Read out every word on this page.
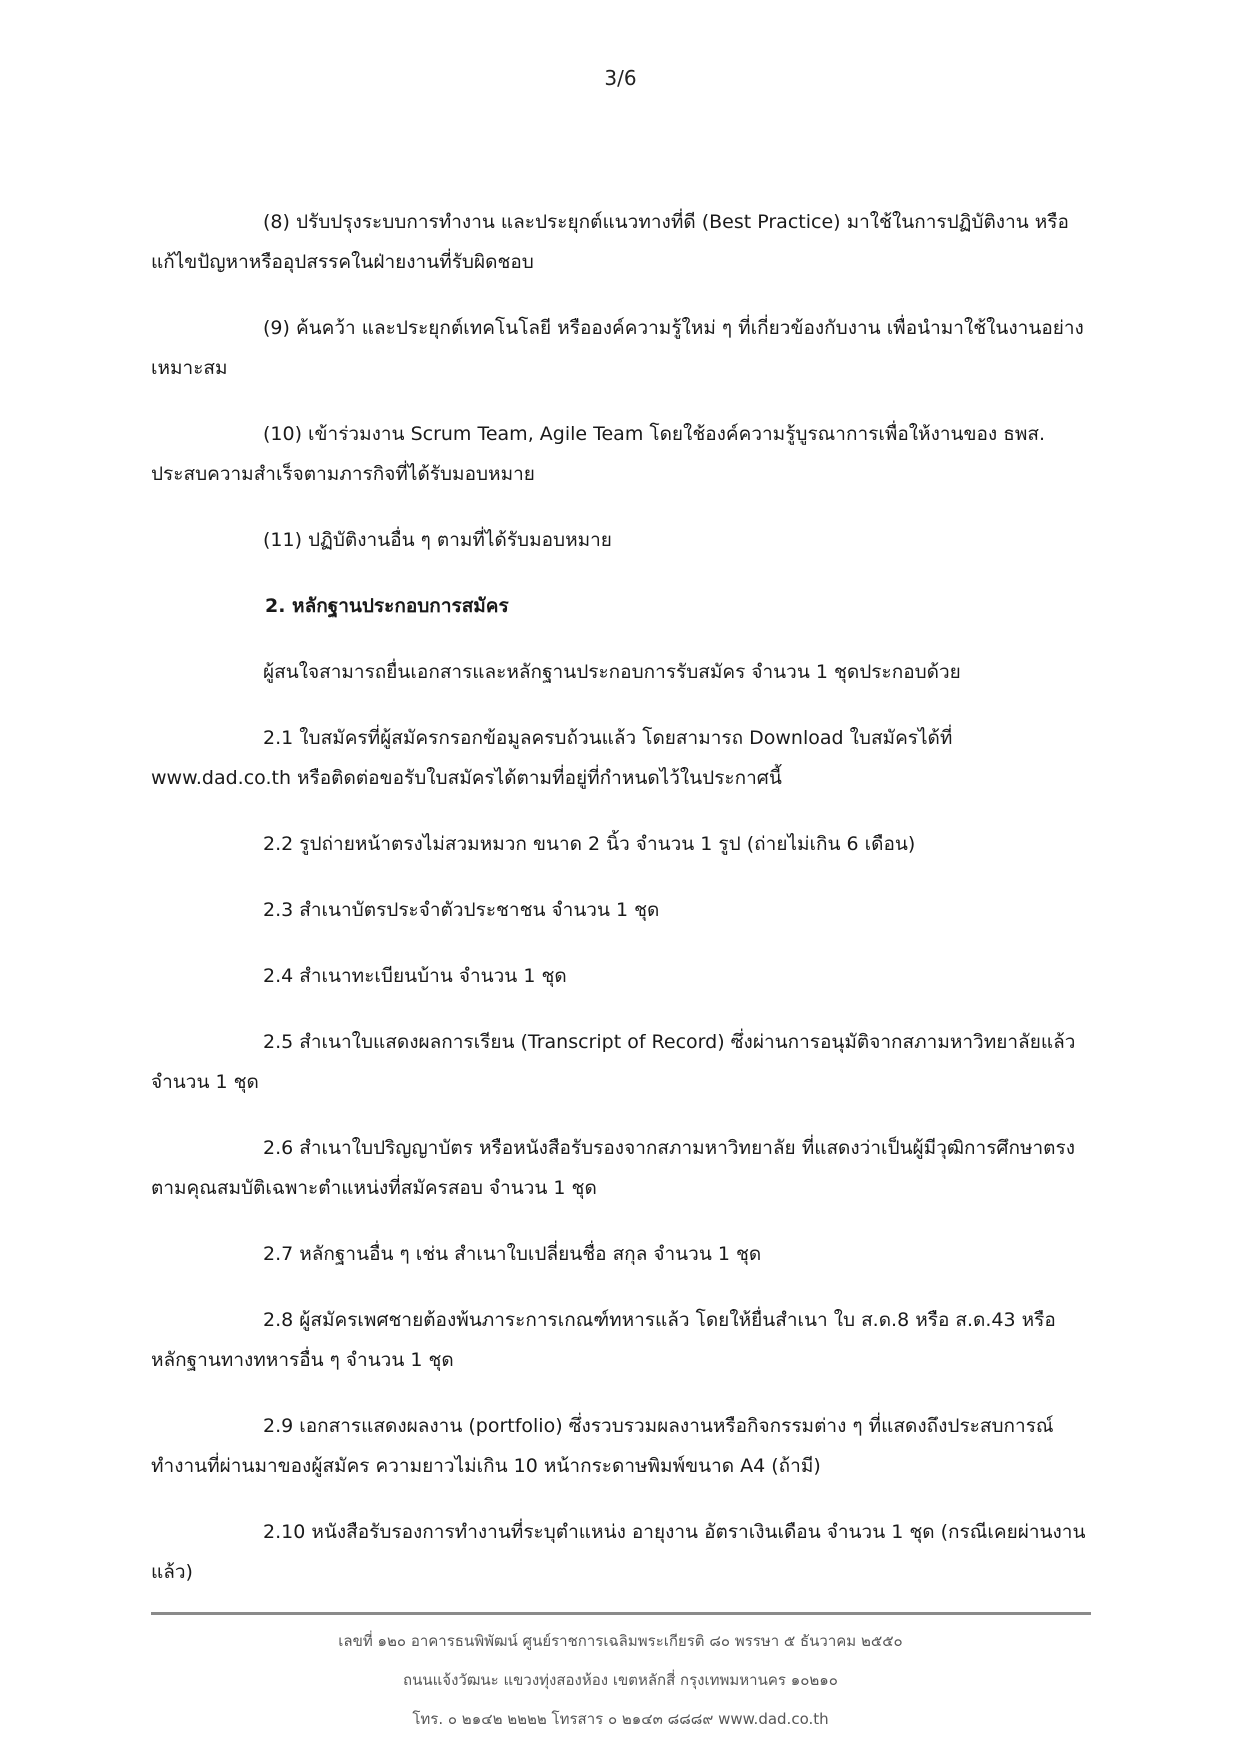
3/6

(8) ปรับปรุงระบบการทำงาน และประยุกต์แนวทางที่ดี (Best Practice) มาใช้ในการปฏิบัติงาน หรือแก้ไขปัญหาหรืออุปสรรคในฝ่ายงานที่รับผิดชอบ

(9) ค้นคว้า และประยุกต์เทคโนโลยี หรือองค์ความรู้ใหม่ ๆ ที่เกี่ยวข้องกับงาน เพื่อนำมาใช้ในงานอย่างเหมาะสม

(10) เข้าร่วมงาน Scrum Team, Agile Team โดยใช้องค์ความรู้บูรณาการเพื่อให้งานของ ธพส. ประสบความสำเร็จตามภารกิจที่ได้รับมอบหมาย

(11) ปฏิบัติงานอื่น ๆ ตามที่ได้รับมอบหมาย

2. หลักฐานประกอบการสมัคร

ผู้สนใจสามารถยื่นเอกสารและหลักฐานประกอบการรับสมัคร จำนวน 1 ชุดประกอบด้วย

2.1 ใบสมัครที่ผู้สมัครกรอกข้อมูลครบถ้วนแล้ว โดยสามารถ Download ใบสมัครได้ที่ www.dad.co.th หรือติดต่อขอรับใบสมัครได้ตามที่อยู่ที่กำหนดไว้ในประกาศนี้

2.2 รูปถ่ายหน้าตรงไม่สวมหมวก ขนาด 2 นิ้ว จำนวน 1 รูป (ถ่ายไม่เกิน 6 เดือน)

2.3 สำเนาบัตรประจำตัวประชาชน จำนวน 1 ชุด

2.4 สำเนาทะเบียนบ้าน จำนวน 1 ชุด

2.5 สำเนาใบแสดงผลการเรียน (Transcript of Record) ซึ่งผ่านการอนุมัติจากสภามหาวิทยาลัยแล้ว จำนวน 1 ชุด

2.6 สำเนาใบปริญญาบัตร หรือหนังสือรับรองจากสภามหาวิทยาลัย ที่แสดงว่าเป็นผู้มีวุฒิการศึกษาตรงตามคุณสมบัติเฉพาะตำแหน่งที่สมัครสอบ จำนวน 1 ชุด

2.7 หลักฐานอื่น ๆ เช่น สำเนาใบเปลี่ยนชื่อ สกุล จำนวน 1 ชุด

2.8 ผู้สมัครเพศชายต้องพ้นภาระการเกณฑ์ทหารแล้ว โดยให้ยื่นสำเนา ใบ ส.ด.8 หรือ ส.ด.43 หรือหลักฐานทางทหารอื่น ๆ จำนวน 1 ชุด

2.9 เอกสารแสดงผลงาน (portfolio) ซึ่งรวบรวมผลงานหรือกิจกรรมต่าง ๆ ที่แสดงถึงประสบการณ์ทำงานที่ผ่านมาของผู้สมัคร ความยาวไม่เกิน 10 หน้ากระดาษพิมพ์ขนาด A4 (ถ้ามี)

2.10 หนังสือรับรองการทำงานที่ระบุตำแหน่ง อายุงาน อัตราเงินเดือน จำนวน 1 ชุด (กรณีเคยผ่านงานแล้ว)

เลขที่ ๑๒๐ อาคารธนพิพัฒน์ ศูนย์ราชการเฉลิมพระเกียรติ ๘๐ พรรษา ๕ ธันวาคม ๒๕๕๐
ถนนแจ้งวัฒนะ แขวงทุ่งสองห้อง เขตหลักสี่ กรุงเทพมหานคร ๑๐๒๑๐
โทร. ๐ ๒๑๔๒ ๒๒๒๒ โทรสาร ๐ ๒๑๔๓ ๘๘๘๙ www.dad.co.th
